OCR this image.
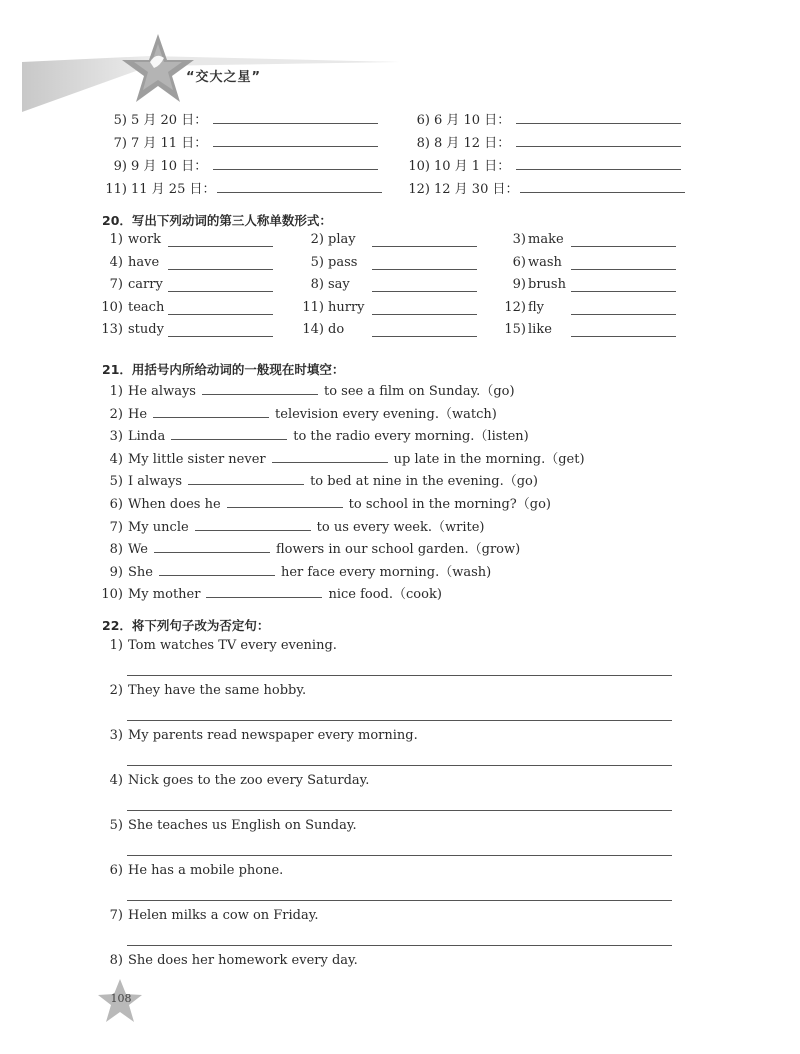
“交大之星”
5) 5 月 20 日：	6) 6 月 10 日：
7) 7 月 11 日：	8) 8 月 12 日：
9) 9 月 10 日：	10) 10 月 1 日：
11) 11 月 25 日：	12) 12 月 30 日：
20．写出下列动词的第三人称单数形式：
1) work	2) play	3) make
4) have	5) pass	6) wash
7) carry	8) say	9) brush
10) teach	11) hurry	12) fly
13) study	14) do	15) like
21．用括号内所给动词的一般现在时填空：
1) He always	to see a film on Sunday.（go)
2) He	television every evening.（watch)
3) Linda	to the radio every morning.（listen)
4) My little sister never	up late in the morning.（get)
5) I always	to bed at nine in the evening.（go)
6) When does he	to school in the morning?（go)
7) My uncle	to us every week.（write)
8) We	flowers in our school garden.（grow)
9) She	her face every morning.（wash)
10) My mother	nice food.（cook)
22．将下列句子改为否定句：
1) Tom watches TV every evening.
2) They have the same hobby.
3) My parents read newspaper every morning.
4) Nick goes to the zoo every Saturday.
5) She teaches us English on Sunday.
6) He has a mobile phone.
7) Helen milks a cow on Friday.
8) She does her homework every day.
108
